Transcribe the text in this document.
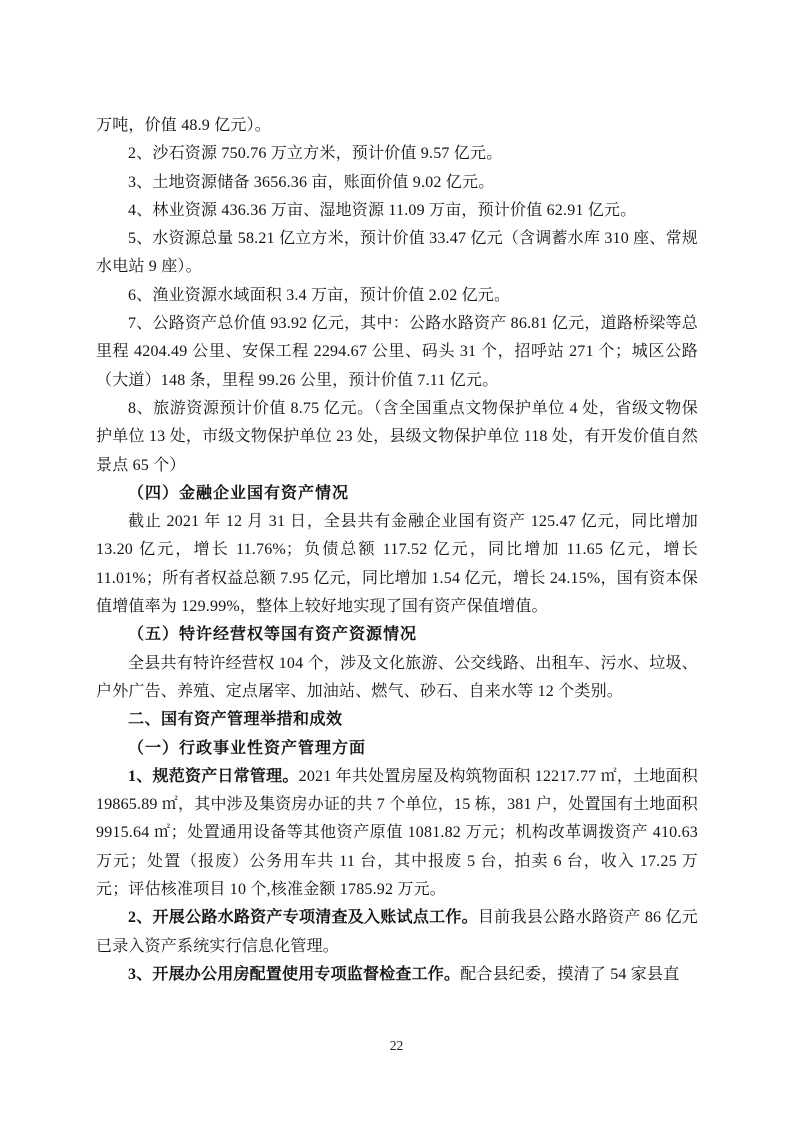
万吨，价值 48.9 亿元）。

2、沙石资源 750.76 万立方米，预计价值 9.57 亿元。

3、土地资源储备 3656.36 亩，账面价值 9.02 亿元。

4、林业资源 436.36 万亩、湿地资源 11.09 万亩，预计价值 62.91 亿元。

5、水资源总量 58.21 亿立方米，预计价值 33.47 亿元（含调蓄水库 310 座、常规水电站 9 座）。

6、渔业资源水域面积 3.4 万亩，预计价值 2.02 亿元。

7、公路资产总价值 93.92 亿元，其中：公路水路资产 86.81 亿元，道路桥梁等总里程 4204.49 公里、安保工程 2294.67 公里、码头 31 个，招呼站 271 个；城区公路（大道）148 条，里程 99.26 公里，预计价值 7.11 亿元。

8、旅游资源预计价值 8.75 亿元。（含全国重点文物保护单位 4 处，省级文物保护单位 13 处，市级文物保护单位 23 处，县级文物保护单位 118 处，有开发价值自然景点 65 个）

（四）金融企业国有资产情况

截止 2021 年 12 月 31 日，全县共有金融企业国有资产 125.47 亿元，同比增加 13.20 亿元，增长 11.76%；负债总额 117.52 亿元，同比增加 11.65 亿元，增长 11.01%；所有者权益总额 7.95 亿元，同比增加 1.54 亿元，增长 24.15%，国有资本保值增值率为 129.99%，整体上较好地实现了国有资产保值增值。

（五）特许经营权等国有资产资源情况

全县共有特许经营权 104 个，涉及文化旅游、公交线路、出租车、污水、垃圾、户外广告、养殖、定点屠宰、加油站、燃气、砂石、自来水等 12 个类别。

二、国有资产管理举措和成效

（一）行政事业性资产管理方面

1、规范资产日常管理。2021 年共处置房屋及构筑物面积 12217.77 ㎡，土地面积 19865.89 ㎡，其中涉及集资房办证的共 7 个单位，15 栋，381 户，处置国有土地面积 9915.64 ㎡；处置通用设备等其他资产原值 1081.82 万元；机构改革调拨资产 410.63 万元；处置（报废）公务用车共 11 台，其中报废 5 台，拍卖 6 台，收入 17.25 万元；评估核准项目 10 个,核准金额 1785.92 万元。

2、开展公路水路资产专项清查及入账试点工作。目前我县公路水路资产 86 亿元已录入资产系统实行信息化管理。

3、开展办公用房配置使用专项监督检查工作。配合县纪委，摸清了 54 家县直

22
